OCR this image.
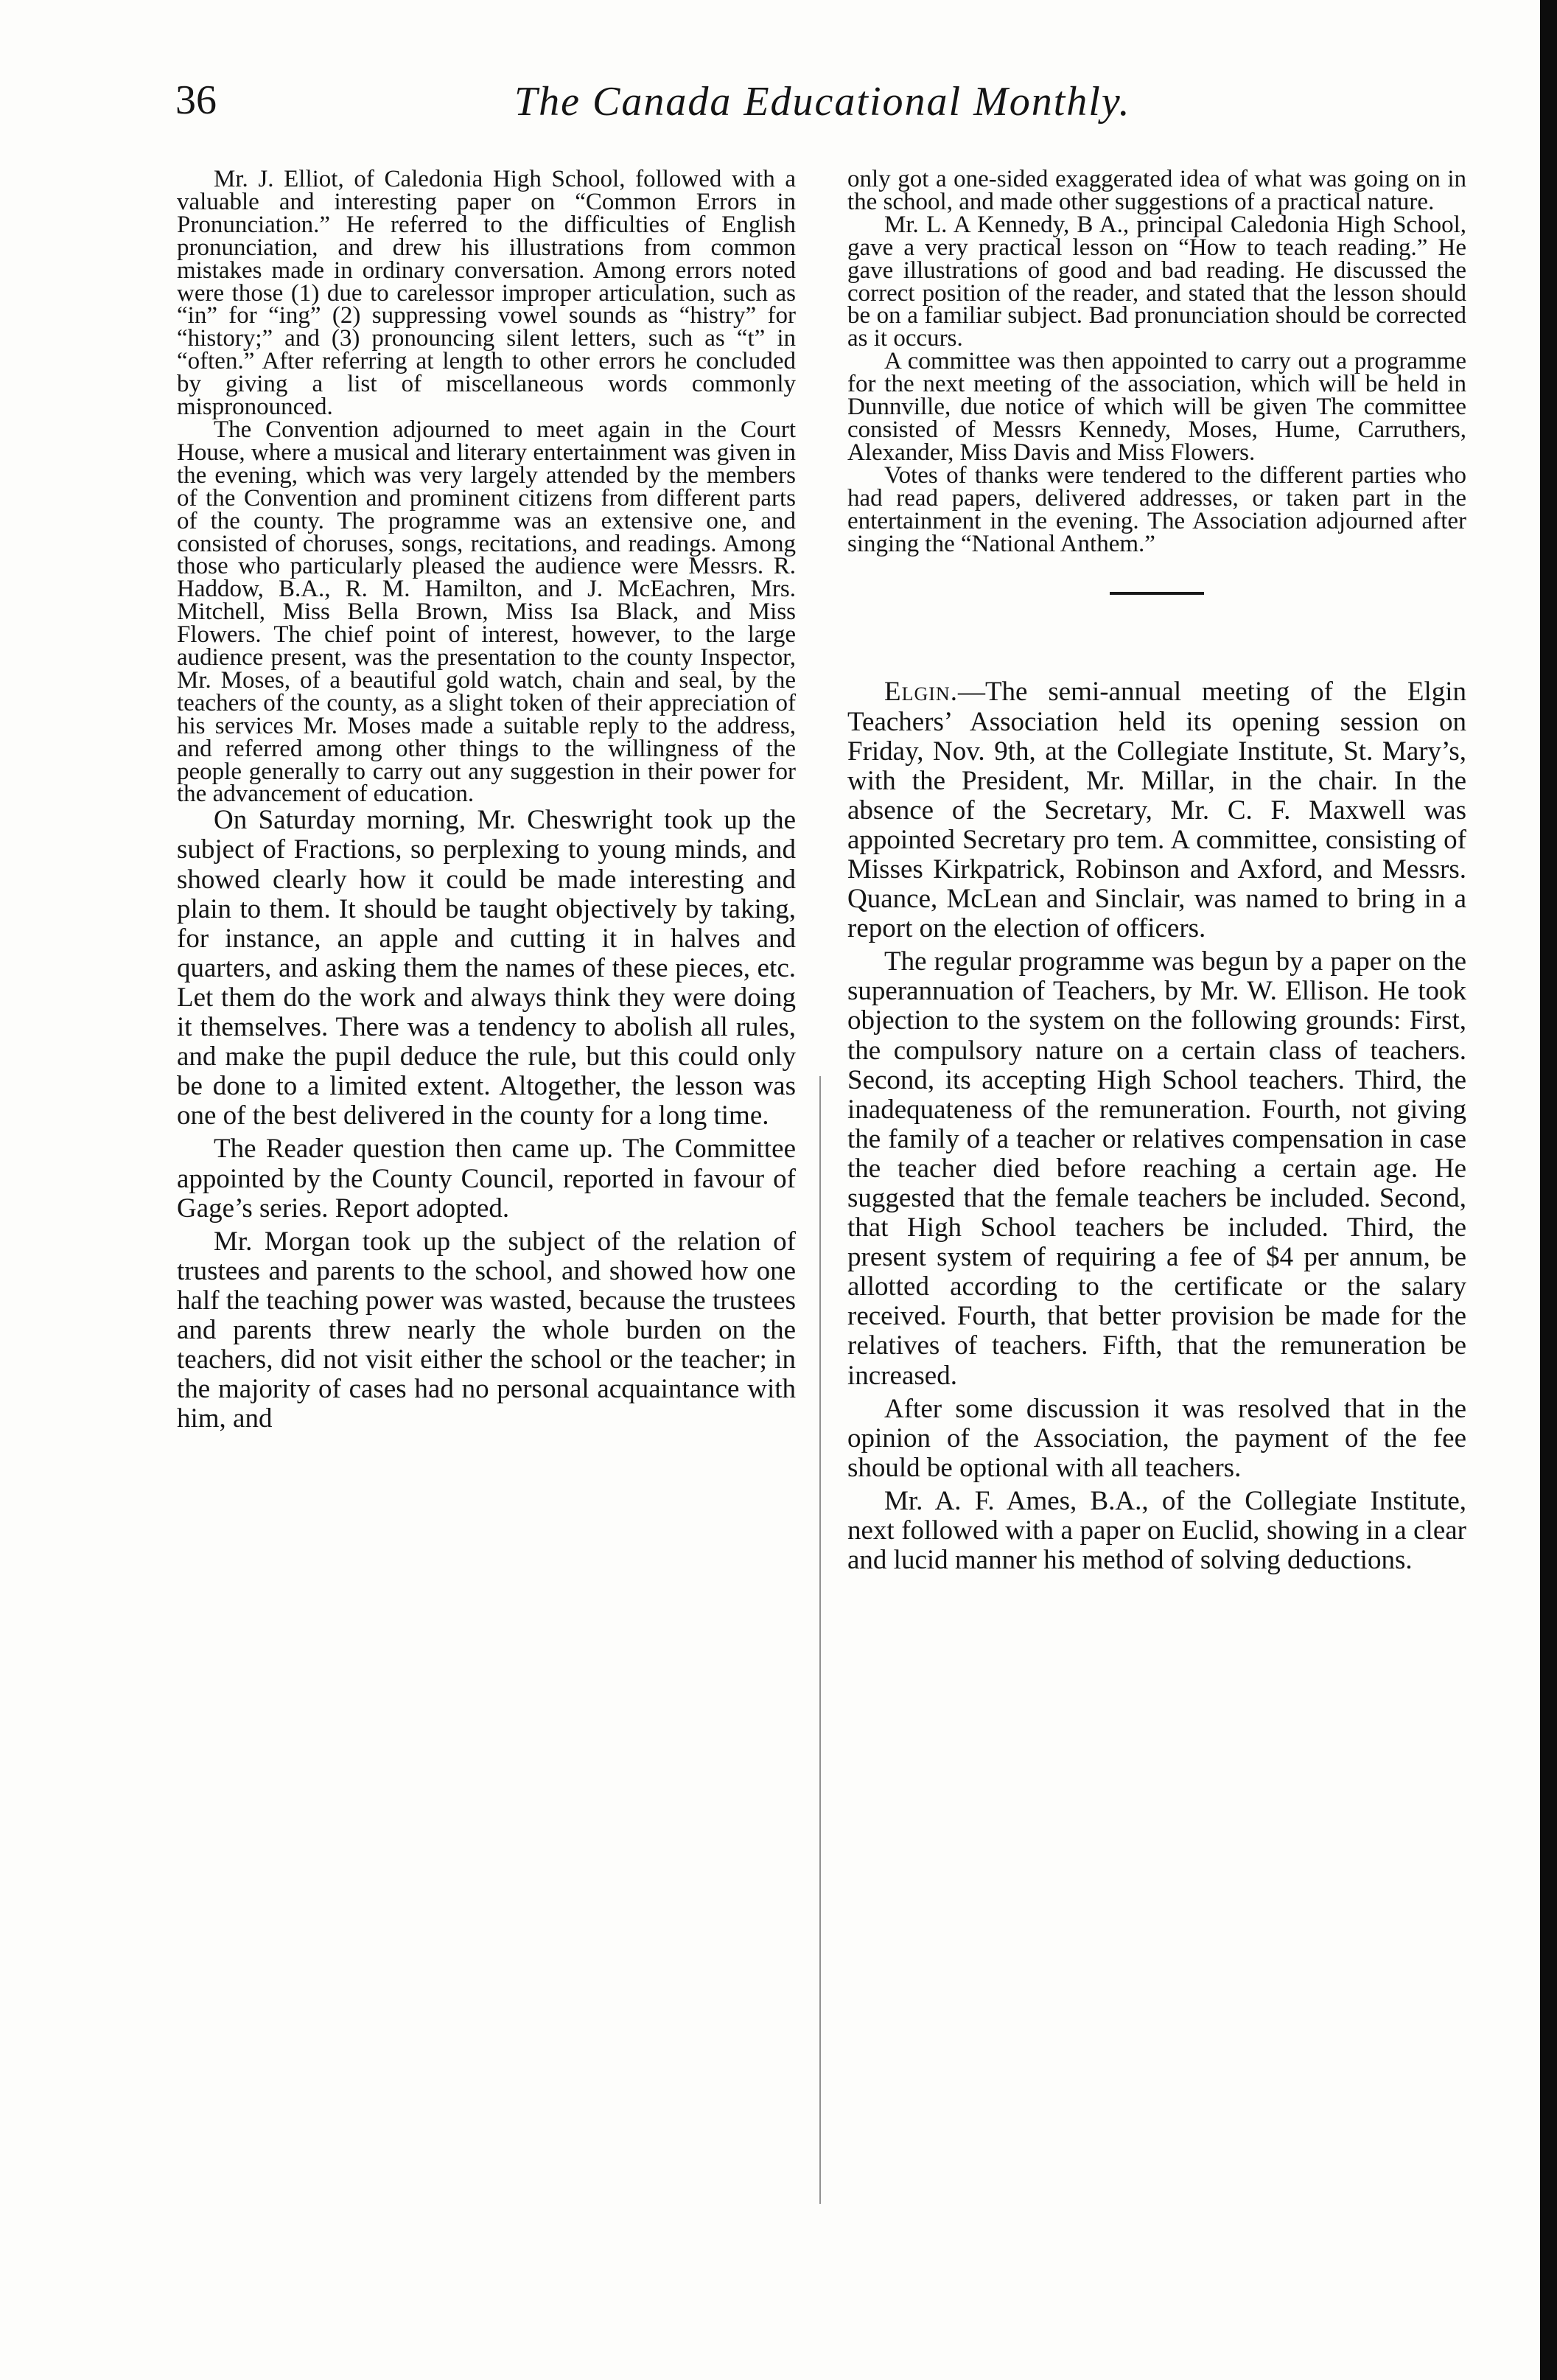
36	The Canada Educational Monthly.

Mr. J. Elliot, of Caledonia High School, followed with a valuable and interesting paper on “Common Errors in Pronunciation.” He referred to the difficulties of English pronunciation, and drew his illustrations from common mistakes made in ordinary conversation. Among errors noted were those (1) due to carelessor improper articulation, such as “in” for “ing” (2) suppressing vowel sounds as “histry” for “history;” and (3) pronouncing silent letters, such as “t” in “often.” After referring at length to other errors he concluded by giving a list of miscellaneous words commonly mispronounced.

The Convention adjourned to meet again in the Court House, where a musical and literary entertainment was given in the evening, which was very largely attended by the members of the Convention and prominent citizens from different parts of the county. The programme was an extensive one, and consisted of choruses, songs, recitations, and readings. Among those who particularly pleased the audience were Messrs. R. Haddow, B.A., R. M. Hamilton, and J. McEachren, Mrs. Mitchell, Miss Bella Brown, Miss Isa Black, and Miss Flowers. The chief point of interest, however, to the large audience present, was the presentation to the county Inspector, Mr. Moses, of a beautiful gold watch, chain and seal, by the teachers of the county, as a slight token of their appreciation of his services Mr. Moses made a suitable reply to the address, and referred among other things to the willingness of the people generally to carry out any suggestion in their power for the advancement of education.

On Saturday morning, Mr. Cheswright took up the subject of Fractions, so perplexing to young minds, and showed clearly how it could be made interesting and plain to them. It should be taught objectively by taking, for instance, an apple and cutting it in halves and quarters, and asking them the names of these pieces, etc. Let them do the work and always think they were doing it themselves. There was a tendency to abolish all rules, and make the pupil deduce the rule, but this could only be done to a limited extent. Altogether, the lesson was one of the best delivered in the county for a long time.

The Reader question then came up. The Committee appointed by the County Council, reported in favour of Gage’s series. Report adopted.

Mr. Morgan took up the subject of the relation of trustees and parents to the school, and showed how one half the teaching power was wasted, because the trustees and parents threw nearly the whole burden on the teachers, did not visit either the school or the teacher; in the majority of cases had no personal acquaintance with him, and

only got a one-sided exaggerated idea of what was going on in the school, and made other suggestions of a practical nature.

Mr. L. A Kennedy, B A., principal Caledonia High School, gave a very practical lesson on “How to teach reading.” He gave illustrations of good and bad reading. He discussed the correct position of the reader, and stated that the lesson should be on a familiar subject. Bad pronunciation should be corrected as it occurs.

A committee was then appointed to carry out a programme for the next meeting of the association, which will be held in Dunnville, due notice of which will be given The committee consisted of Messrs Kennedy, Moses, Hume, Carruthers, Alexander, Miss Davis and Miss Flowers.

Votes of thanks were tendered to the different parties who had read papers, delivered addresses, or taken part in the entertainment in the evening. The Association adjourned after singing the “National Anthem.”

Elgin.—The semi-annual meeting of the Elgin Teachers’ Association held its opening session on Friday, Nov. 9th, at the Collegiate Institute, St. Mary’s, with the President, Mr. Millar, in the chair. In the absence of the Secretary, Mr. C. F. Maxwell was appointed Secretary pro tem. A committee, consisting of Misses Kirkpatrick, Robinson and Axford, and Messrs. Quance, McLean and Sinclair, was named to bring in a report on the election of officers.

The regular programme was begun by a paper on the superannuation of Teachers, by Mr. W. Ellison. He took objection to the system on the following grounds: First, the compulsory nature on a certain class of teachers. Second, its accepting High School teachers. Third, the inadequateness of the remuneration. Fourth, not giving the family of a teacher or relatives compensation in case the teacher died before reaching a certain age. He suggested that the female teachers be included. Second, that High School teachers be included. Third, the present system of requiring a fee of $4 per annum, be allotted according to the certificate or the salary received. Fourth, that better provision be made for the relatives of teachers. Fifth, that the remuneration be increased.

After some discussion it was resolved that in the opinion of the Association, the payment of the fee should be optional with all teachers.

Mr. A. F. Ames, B.A., of the Collegiate Institute, next followed with a paper on Euclid, showing in a clear and lucid manner his method of solving deductions.
